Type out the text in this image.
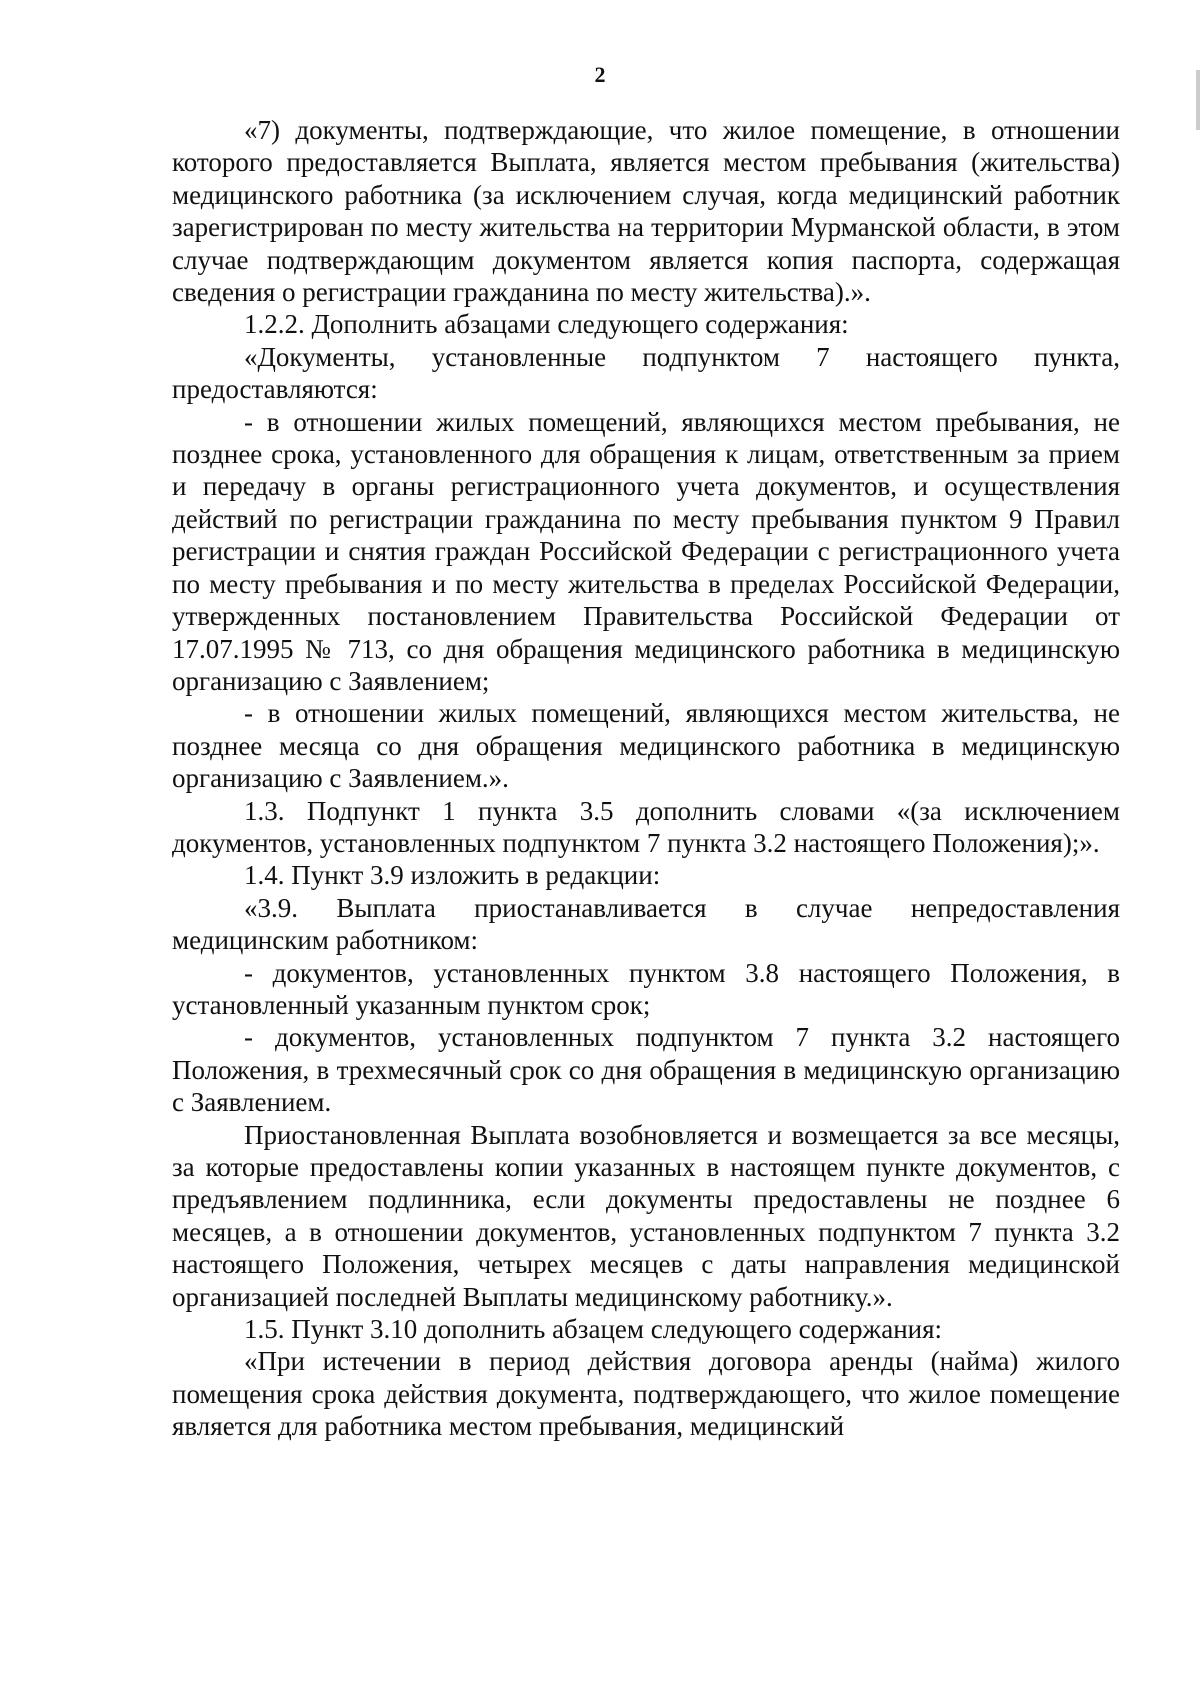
2

«7) документы, подтверждающие, что жилое помещение, в отношении которого предоставляется Выплата, является местом пребывания (жительства) медицинского работника (за исключением случая, когда медицинский работник зарегистрирован по месту жительства на территории Мурманской области, в этом случае подтверждающим документом является копия паспорта, содержащая сведения о регистрации гражданина по месту жительства).».

1.2.2. Дополнить абзацами следующего содержания:

«Документы, установленные подпунктом 7 настоящего пункта, предоставляются:

- в отношении жилых помещений, являющихся местом пребывания, не позднее срока, установленного для обращения к лицам, ответственным за прием и передачу в органы регистрационного учета документов, и осуществления действий по регистрации гражданина по месту пребывания пунктом 9 Правил регистрации и снятия граждан Российской Федерации с регистрационного учета по месту пребывания и по месту жительства в пределах Российской Федерации, утвержденных постановлением Правительства Российской Федерации от 17.07.1995 № 713, со дня обращения медицинского работника в медицинскую организацию с Заявлением;

- в отношении жилых помещений, являющихся местом жительства, не позднее месяца со дня обращения медицинского работника в медицинскую организацию с Заявлением.».

1.3. Подпункт 1 пункта 3.5 дополнить словами «(за исключением документов, установленных подпунктом 7 пункта 3.2 настоящего Положения);».

1.4. Пункт 3.9 изложить в редакции:

«3.9. Выплата приостанавливается в случае непредоставления медицинским работником:

- документов, установленных пунктом 3.8 настоящего Положения, в установленный указанным пунктом срок;

- документов, установленных подпунктом 7 пункта 3.2 настоящего Положения, в трехмесячный срок со дня обращения в медицинскую организацию с Заявлением.

Приостановленная Выплата возобновляется и возмещается за все месяцы, за которые предоставлены копии указанных в настоящем пункте документов, с предъявлением подлинника, если документы предоставлены не позднее 6 месяцев, а в отношении документов, установленных подпунктом 7 пункта 3.2 настоящего Положения, четырех месяцев с даты направления медицинской организацией последней Выплаты медицинскому работнику.».

1.5. Пункт 3.10 дополнить абзацем следующего содержания:

«При истечении в период действия договора аренды (найма) жилого помещения срока действия документа, подтверждающего, что жилое помещение является для работника местом пребывания, медицинский
